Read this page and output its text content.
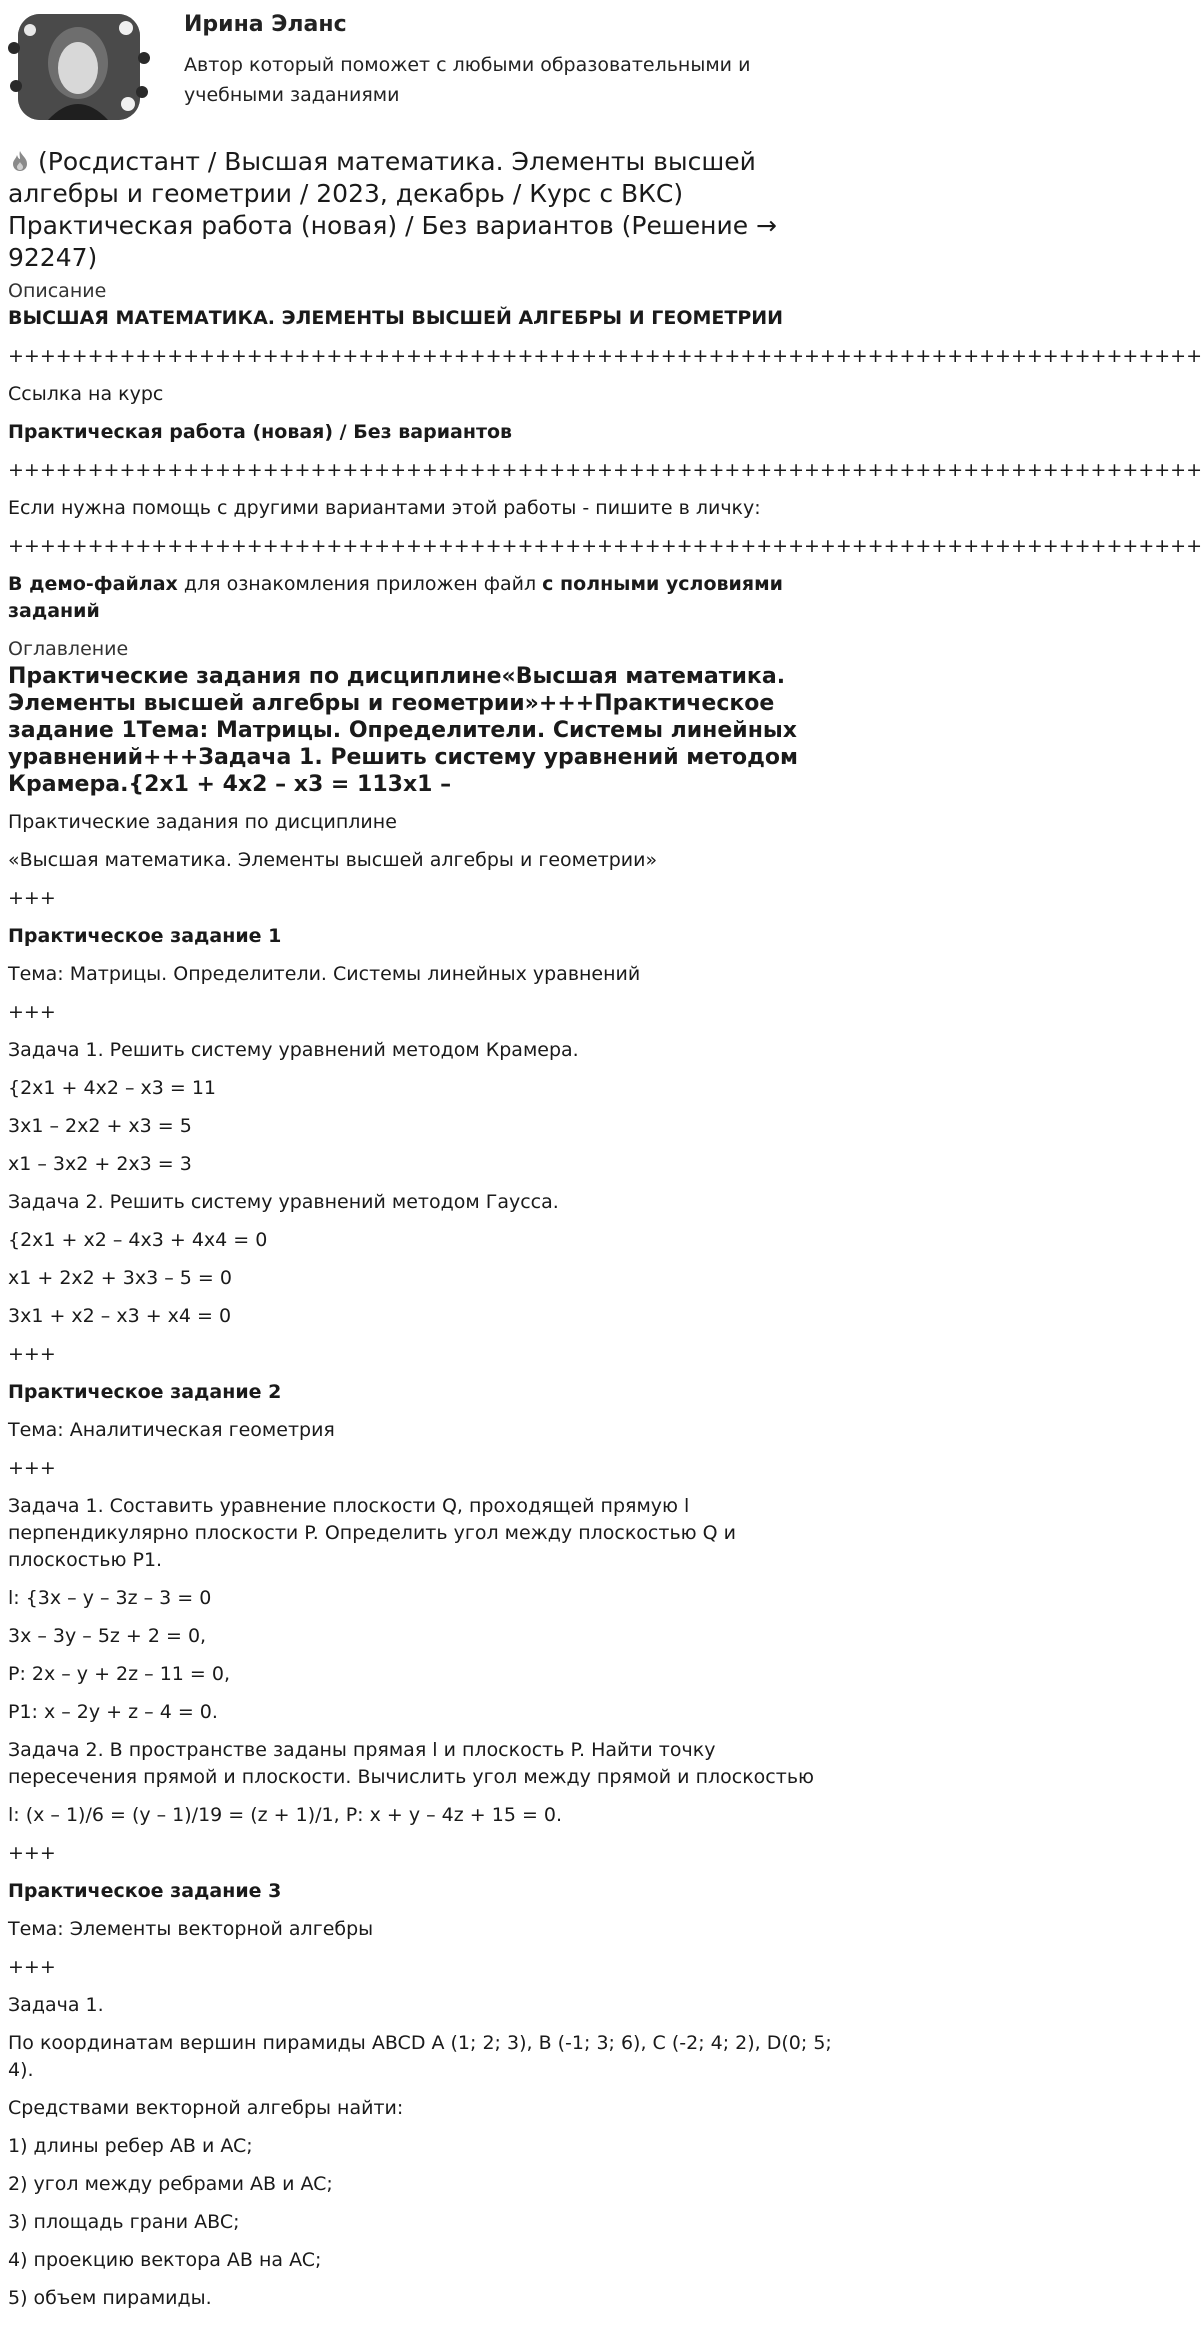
Ирина Эланс
Автор который поможет с любыми образовательными и учебными заданиями
(Росдистант / Высшая математика. Элементы высшей алгебры и геометрии / 2023, декабрь / Курс с ВКС) Практическая работа (новая) / Без вариантов (Решение → 92247)
Описание
ВЫСШАЯ МАТЕМАТИКА. ЭЛЕМЕНТЫ ВЫСШЕЙ АЛГЕБРЫ И ГЕОМЕТРИИ
+++++++++++++++++++++++++++++++++++++++++++++++++++++++++++++++++++++++++++
Ссылка на курс
Практическая работа (новая) / Без вариантов
+++++++++++++++++++++++++++++++++++++++++++++++++++++++++++++++++++++++++++
Если нужна помощь с другими вариантами этой работы - пишите в личку:
+++++++++++++++++++++++++++++++++++++++++++++++++++++++++++++++++++++++++++
В демо-файлах для ознакомления приложен файл с полными условиями заданий
Оглавление
Практические задания по дисциплине«Высшая математика. Элементы высшей алгебры и геометрии»+++Практическое задание 1Тема: Матрицы. Определители. Системы линейных уравнений+++Задача 1. Решить систему уравнений методом Крамера.{2x1 + 4x2 – x3 = 113x1 –
Практические задания по дисциплине
«Высшая математика. Элементы высшей алгебры и геометрии»
+++
Практическое задание 1
Тема: Матрицы. Определители. Системы линейных уравнений
+++
Задача 1. Решить систему уравнений методом Крамера.
{2x1 + 4x2 – x3 = 11
3x1 – 2x2 + x3 = 5
x1 – 3x2 + 2x3 = 3
Задача 2. Решить систему уравнений методом Гаусса.
{2x1 + x2 – 4x3 + 4x4 = 0
x1 + 2x2 + 3x3 – 5 = 0
3x1 + x2 – x3 + x4 = 0
+++
Практическое задание 2
Тема: Аналитическая геометрия
+++
Задача 1. Составить уравнение плоскости Q, проходящей прямую l перпендикулярно плоскости P. Определить угол между плоскостью Q и плоскостью P1.
l: {3x – y – 3z – 3 = 0
3x – 3y – 5z + 2 = 0,
P: 2x – y + 2z – 11 = 0,
P1: x – 2y + z – 4 = 0.
Задача 2. В пространстве заданы прямая l и плоскость P. Найти точку пересечения прямой и плоскости. Вычислить угол между прямой и плоскостью
l: (x – 1)/6 = (y – 1)/19 = (z + 1)/1, P: x + y – 4z + 15 = 0.
+++
Практическое задание 3
Тема: Элементы векторной алгебры
+++
Задача 1.
По координатам вершин пирамиды ABCD A (1; 2; 3), B (-1; 3; 6), C (-2; 4; 2), D(0; 5; 4).
Средствами векторной алгебры найти:
1) длины ребер AB и AC;
2) угол между ребрами AB и AC;
3) площадь грани ABC;
4) проекцию вектора AB на AC;
5) объем пирамиды.
